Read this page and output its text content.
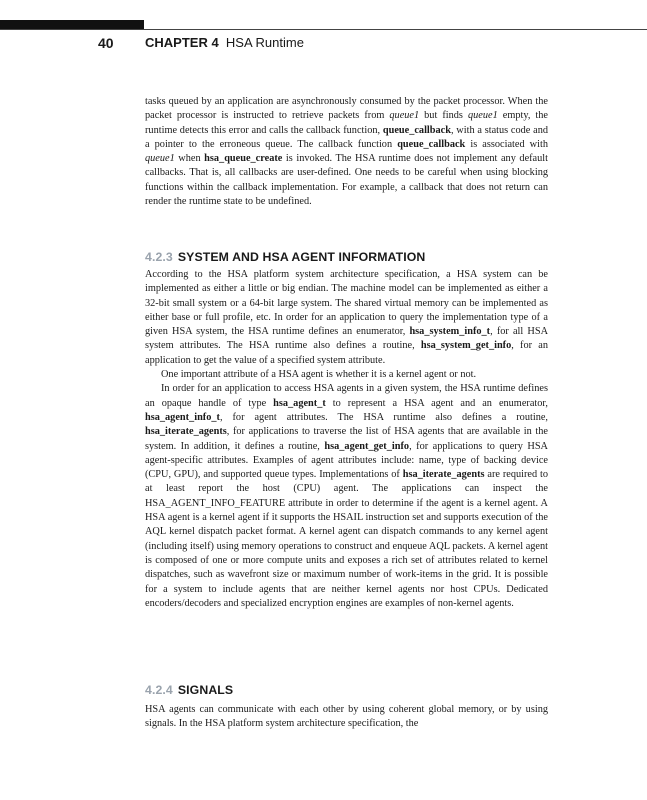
40 CHAPTER 4 HSA Runtime

tasks queued by an application are asynchronously consumed by the packet processor. When the packet processor is instructed to retrieve packets from queue1 but finds queue1 empty, the runtime detects this error and calls the callback function, queue_callback, with a status code and a pointer to the erroneous queue. The callback function queue_callback is associated with queue1 when hsa_queue_create is invoked. The HSA runtime does not implement any default callbacks. That is, all callbacks are user-defined. One needs to be careful when using blocking functions within the callback implementation. For example, a callback that does not return can render the runtime state to be undefined.

4.2.3 SYSTEM AND HSA AGENT INFORMATION

According to the HSA platform system architecture specification, a HSA system can be implemented as either a little or big endian. The machine model can be implemented as either a 32-bit small system or a 64-bit large system. The shared virtual memory can be implemented as either base or full profile, etc. In order for an application to query the implementation type of a given HSA system, the HSA runtime defines an enumerator, hsa_system_info_t, for all HSA system attributes. The HSA runtime also defines a routine, hsa_system_get_info, for an application to get the value of a specified system attribute.

One important attribute of a HSA agent is whether it is a kernel agent or not.

In order for an application to access HSA agents in a given system, the HSA runtime defines an opaque handle of type hsa_agent_t to represent a HSA agent and an enumerator, hsa_agent_info_t, for agent attributes. The HSA runtime also defines a routine, hsa_iterate_agents, for applications to traverse the list of HSA agents that are available in the system. In addition, it defines a routine, hsa_agent_get_info, for applications to query HSA agent-specific attributes. Examples of agent attributes include: name, type of backing device (CPU, GPU), and supported queue types. Implementations of hsa_iterate_agents are required to at least report the host (CPU) agent. The applications can inspect the HSA_AGENT_INFO_FEATURE attribute in order to determine if the agent is a kernel agent. A HSA agent is a kernel agent if it supports the HSAIL instruction set and supports execution of the AQL kernel dispatch packet format. A kernel agent can dispatch commands to any kernel agent (including itself) using memory operations to construct and enqueue AQL packets. A kernel agent is composed of one or more compute units and exposes a rich set of attributes related to kernel dispatches, such as wavefront size or maximum number of work-items in the grid. It is possible for a system to include agents that are neither kernel agents nor host CPUs. Dedicated encoders/decoders and specialized encryption engines are examples of non-kernel agents.

4.2.4 SIGNALS

HSA agents can communicate with each other by using coherent global memory, or by using signals. In the HSA platform system architecture specification, the
